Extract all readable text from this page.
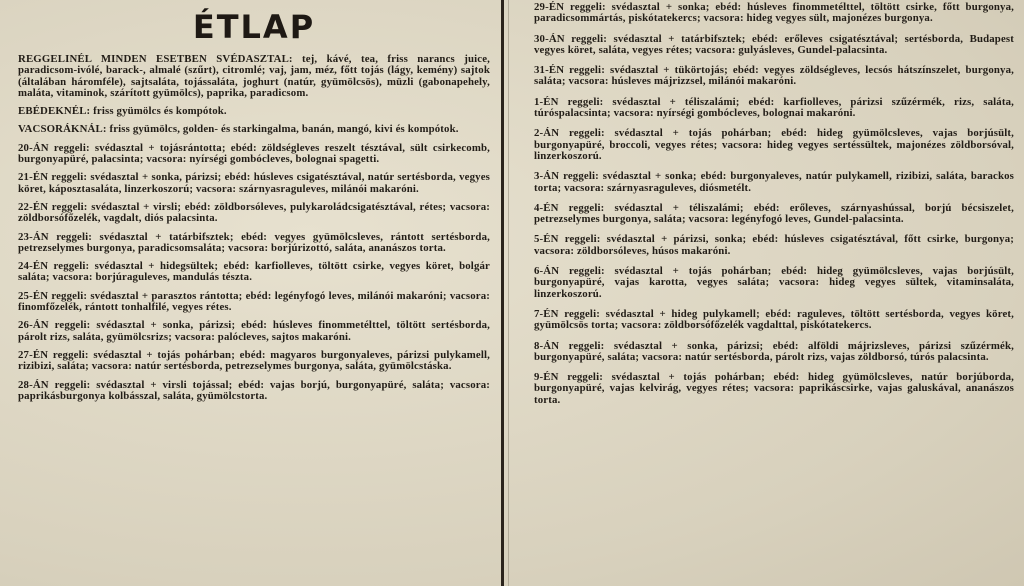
ÉTLAP

REGGELINÉL MINDEN ESETBEN SVÉDASZTAL: tej, kávé, tea, friss narancs juice, paradicsom-ivólé, barack-, almalé (szűrt), citromlé; vaj, jam, méz, főtt tojás (lágy, kemény) sajtok (általában háromféle), sajtsaláta, tojássaláta, joghurt (natúr, gyümölcsös), müzli (gabonapehely, maláta, vitaminok, szárított gyümölcs), paprika, paradicsom.

EBÉDEKNÉL: friss gyümölcs és kompótok.

VACSORÁKNÁL: friss gyümölcs, golden- és starkingalma, banán, mangó, kivi és kompótok.

20-ÁN reggeli: svédasztal + tojásrántotta; ebéd: zöldségleves reszelt tésztával, sült csirkecomb, burgonyapüré, palacsinta; vacsora: nyírségi gombócleves, bolognai spagetti.

21-ÉN reggeli: svédasztal + sonka, párizsi; ebéd: húsleves csigatésztával, natúr sertésborda, vegyes köret, káposztasaláta, linzerkoszorú; vacsora: szárnyasraguleves, milánói makaróni.

22-ÉN reggeli: svédasztal + virsli; ebéd: zöldborsóleves, pulykaroládcsigatésztával, rétes; vacsora: zöldborsófőzelék, vagdalt, diós palacsinta.

23-ÁN reggeli: svédasztal + tatárbifsztek; ebéd: vegyes gyümölcsleves, rántott sertésborda, petrezselymes burgonya, paradicsomsaláta; vacsora: borjúrizottó, saláta, ananászos torta.

24-ÉN reggeli: svédasztal + hidegsültek; ebéd: karfiolleves, töltött csirke, vegyes köret, bolgár saláta; vacsora: borjúraguleves, mandulás tészta.

25-ÉN reggeli: svédasztal + parasztos rántotta; ebéd: legényfogó leves, milánói makaróni; vacsora: finomfőzelék, rántott tonhalfilé, vegyes rétes.

26-ÁN reggeli: svédasztal + sonka, párizsi; ebéd: húsleves finommetélttel, töltött sertésborda, párolt rizs, saláta, gyümölcsrizs; vacsora: palócleves, sajtos makaróni.

27-ÉN reggeli: svédasztal + tojás pohárban; ebéd: magyaros burgonyaleves, párizsi pulykamell, rizibizi, saláta; vacsora: natúr sertésborda, petrezselymes burgonya, saláta, gyümölcstáska.

28-ÁN reggeli: svédasztal + virsli tojással; ebéd: vajas borjú, burgonyapüré, saláta; vacsora: paprikásburgonya kolbásszal, saláta, gyümölcstorta.

29-ÉN reggeli: svédasztal + sonka; ebéd: húsleves finommetélttel, töltött csirke, főtt burgonya, paradicsommártás, piskótatekercs; vacsora: hideg vegyes sült, majonézes burgonya.

30-ÁN reggeli: svédasztal + tatárbifsztek; ebéd: erőleves csigatésztával; sertésborda, Budapest vegyes köret, saláta, vegyes rétes; vacsora: gulyásleves, Gundel-palacsinta.

31-ÉN reggeli: svédasztal + tükörtojás; ebéd: vegyes zöldségleves, lecsós hátszínszelet, burgonya, saláta; vacsora: húsleves májrizzsel, milánói makaróni.

1-ÉN reggeli: svédasztal + téliszalámi; ebéd: karfiolleves, párizsi szűzérmék, rizs, saláta, túróspalacsinta; vacsora: nyírségi gombócleves, bolognai makaróni.

2-ÁN reggeli: svédasztal + tojás pohárban; ebéd: hideg gyümölcsleves, vajas borjúsült, burgonyapüré, broccoli, vegyes rétes; vacsora: hideg vegyes sertéssültek, majonézes zöldborsóval, linzerkoszorú.

3-ÁN reggeli: svédasztal + sonka; ebéd: burgonyaleves, natúr pulykamell, rizibizi, saláta, barackos torta; vacsora: szárnyasraguleves, diósmetélt.

4-ÉN reggeli: svédasztal + téliszalámi; ebéd: erőleves, szárnyashússal, borjú bécsiszelet, petrezselymes burgonya, saláta; vacsora: legényfogó leves, Gundel-palacsinta.

5-ÉN reggeli: svédasztal + párizsi, sonka; ebéd: húsleves csigatésztával, főtt csirke, burgonya; vacsora: zöldborsóleves, húsos makaróni.

6-ÁN reggeli: svédasztal + tojás pohárban; ebéd: hideg gyümölcsleves, vajas borjúsült, burgonyapüré, vajas karotta, vegyes saláta; vacsora: hideg vegyes sültek, vitaminsaláta, linzerkoszorú.

7-ÉN reggeli: svédasztal + hideg pulykamell; ebéd: raguleves, töltött sertésborda, vegyes köret, gyümölcsös torta; vacsora: zöldborsófőzelék vagdalttal, piskótatekercs.

8-ÁN reggeli: svédasztal + sonka, párizsi; ebéd: alföldi májrizsleves, párizsi szűzérmék, burgonyapüré, saláta; vacsora: natúr sertésborda, párolt rizs, vajas zöldborsó, túrós palacsinta.

9-ÉN reggeli: svédasztal + tojás pohárban; ebéd: hideg gyümölcsleves, natúr borjúborda, burgonyapüré, vajas kelvirág, vegyes rétes; vacsora: paprikáscsirke, vajas galuskával, ananászos torta.
